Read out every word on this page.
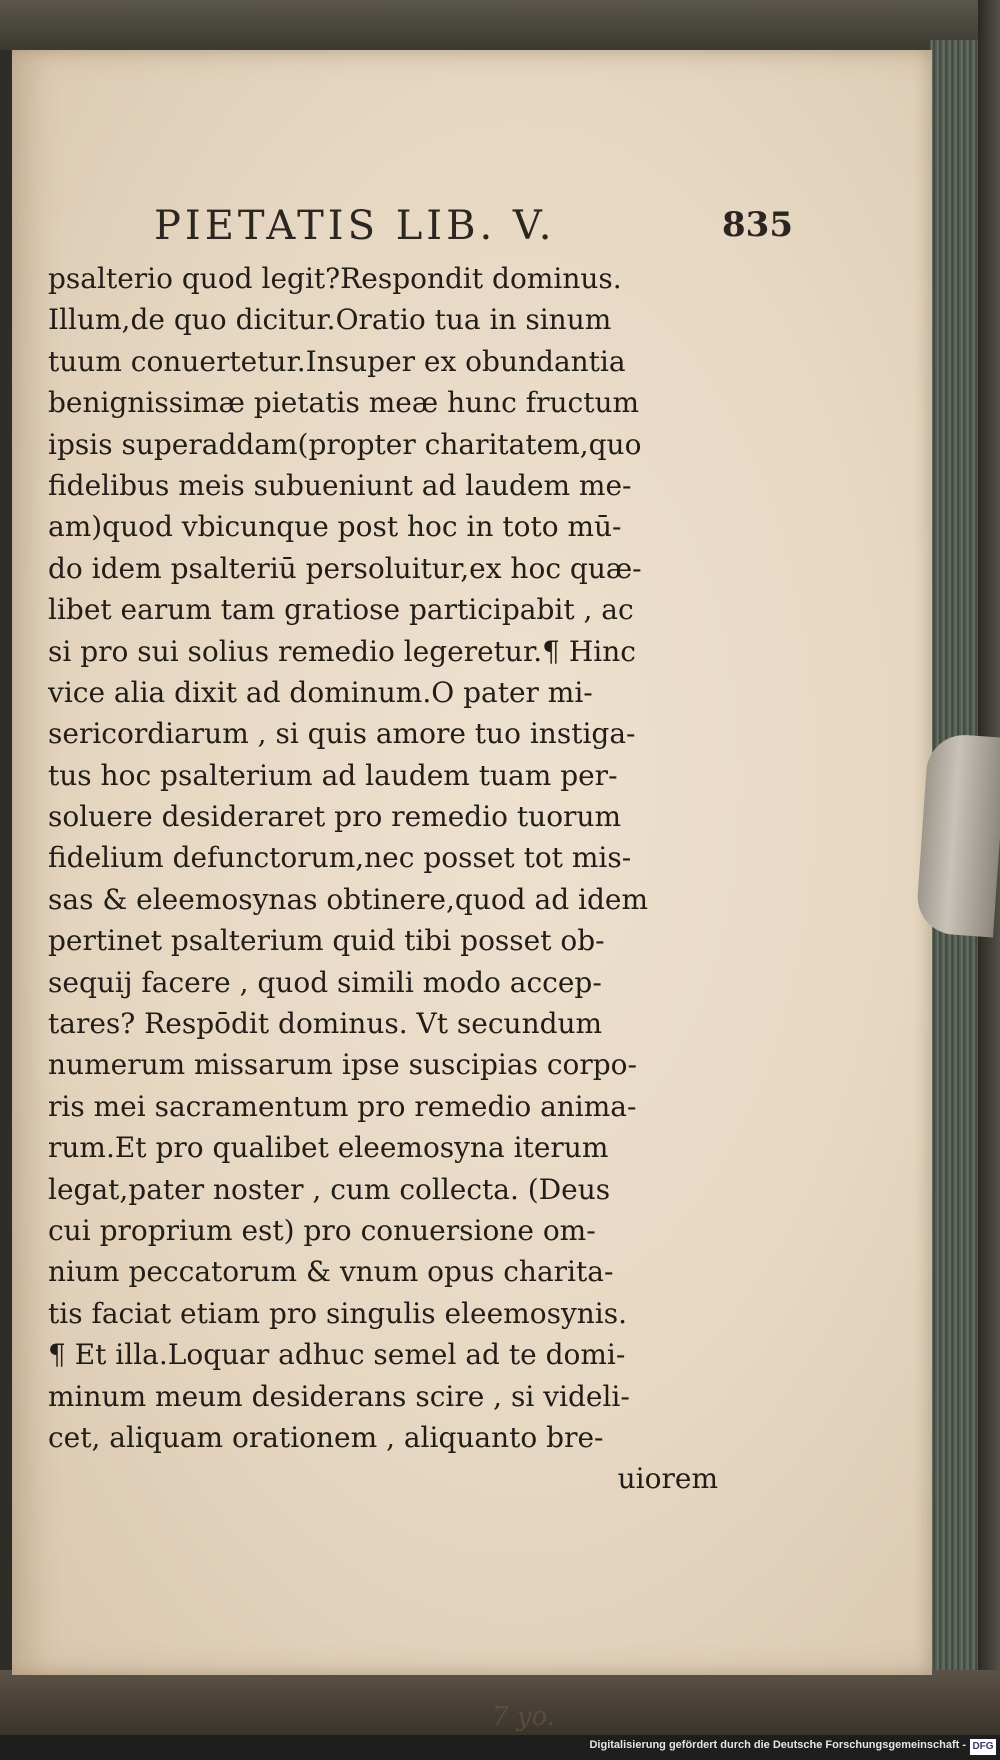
PIETATIS LIB. V.	835
psalterio quod legit?Respondit dominus.
Illum,de quo dicitur.Oratio tua in sinum
tuum conuertetur.Insuper ex obundantia
benignissimæ pietatis meæ hunc fructum
ipsis superaddam(propter charitatem,quo
fidelibus meis subueniunt ad laudem me-
am)quod vbicunque post hoc in toto mū-
do idem psalteriū persoluitur,ex hoc quæ-
libet earum tam gratiose participabit , ac
si pro sui solius remedio legeretur.¶ Hinc
vice alia dixit ad dominum.O pater mi-
sericordiarum , si quis amore tuo instiga-
tus hoc psalterium ad laudem tuam per-
soluere desideraret pro remedio tuorum
fidelium defunctorum,nec posset tot mis-
sas & eleemosynas obtinere,quod ad idem
pertinet psalterium quid tibi posset ob-
sequij facere , quod simili modo accep-
tares? Respōdit dominus. Vt secundum
numerum missarum ipse suscipias corpo-
ris mei sacramentum pro remedio anima-
rum.Et pro qualibet eleemosyna iterum
legat,pater noster , cum collecta. (Deus
cui proprium est) pro conuersione om-
nium peccatorum & vnum opus charita-
tis faciat etiam pro singulis eleemosynis.
¶ Et illa.Loquar adhuc semel ad te domi-
minum meum desiderans scire , si videli-
cet, aliquam orationem , aliquanto bre-
uiorem
7 yo.
Digitalisierung gefördert durch die Deutsche Forschungsgemeinschaft - DFG
